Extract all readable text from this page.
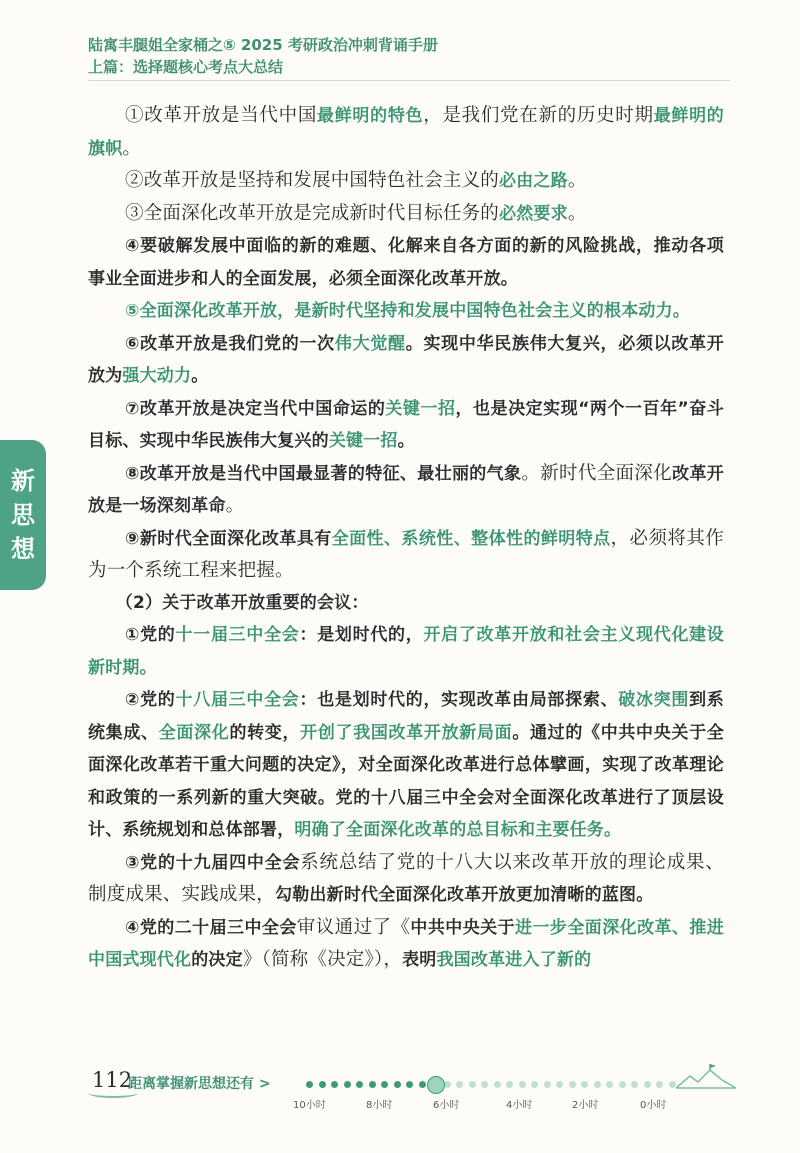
陆寓丰腿姐全家桶之⑤ 2025 考研政治冲刺背诵手册
上篇：选择题核心考点大总结
新
思
想

①改革开放是当代中国最鲜明的特色，是我们党在新的历史时期最鲜明的旗帜。

②改革开放是坚持和发展中国特色社会主义的必由之路。

③全面深化改革开放是完成新时代目标任务的必然要求。

④要破解发展中面临的新的难题、化解来自各方面的新的风险挑战，推动各项事业全面进步和人的全面发展，必须全面深化改革开放。

⑤全面深化改革开放，是新时代坚持和发展中国特色社会主义的根本动力。

⑥改革开放是我们党的一次伟大觉醒。实现中华民族伟大复兴，必须以改革开放为强大动力。

⑦改革开放是决定当代中国命运的关键一招，也是决定实现“两个一百年”奋斗目标、实现中华民族伟大复兴的关键一招。

⑧改革开放是当代中国最显著的特征、最壮丽的气象。新时代全面深化改革开放是一场深刻革命。

⑨新时代全面深化改革具有全面性、系统性、整体性的鲜明特点，必须将其作为一个系统工程来把握。

（2）关于改革开放重要的会议：

①党的十一届三中全会：是划时代的，开启了改革开放和社会主义现代化建设新时期。

②党的十八届三中全会：也是划时代的，实现改革由局部探索、破冰突围到系统集成、全面深化的转变，开创了我国改革开放新局面。通过的《中共中央关于全面深化改革若干重大问题的决定》，对全面深化改革进行总体擘画，实现了改革理论和政策的一系列新的重大突破。党的十八届三中全会对全面深化改革进行了顶层设计、系统规划和总体部署，明确了全面深化改革的总目标和主要任务。

③党的十九届四中全会系统总结了党的十八大以来改革开放的理论成果、制度成果、实践成果，勾勒出新时代全面深化改革开放更加清晰的蓝图。

④党的二十届三中全会审议通过了《中共中央关于进一步全面深化改革、推进中国式现代化的决定》（简称《决定》），表明我国改革进入了新的

112
距离掌握新思想还有 >
10小时	8小时	6小时	4小时	2小时	0小时
